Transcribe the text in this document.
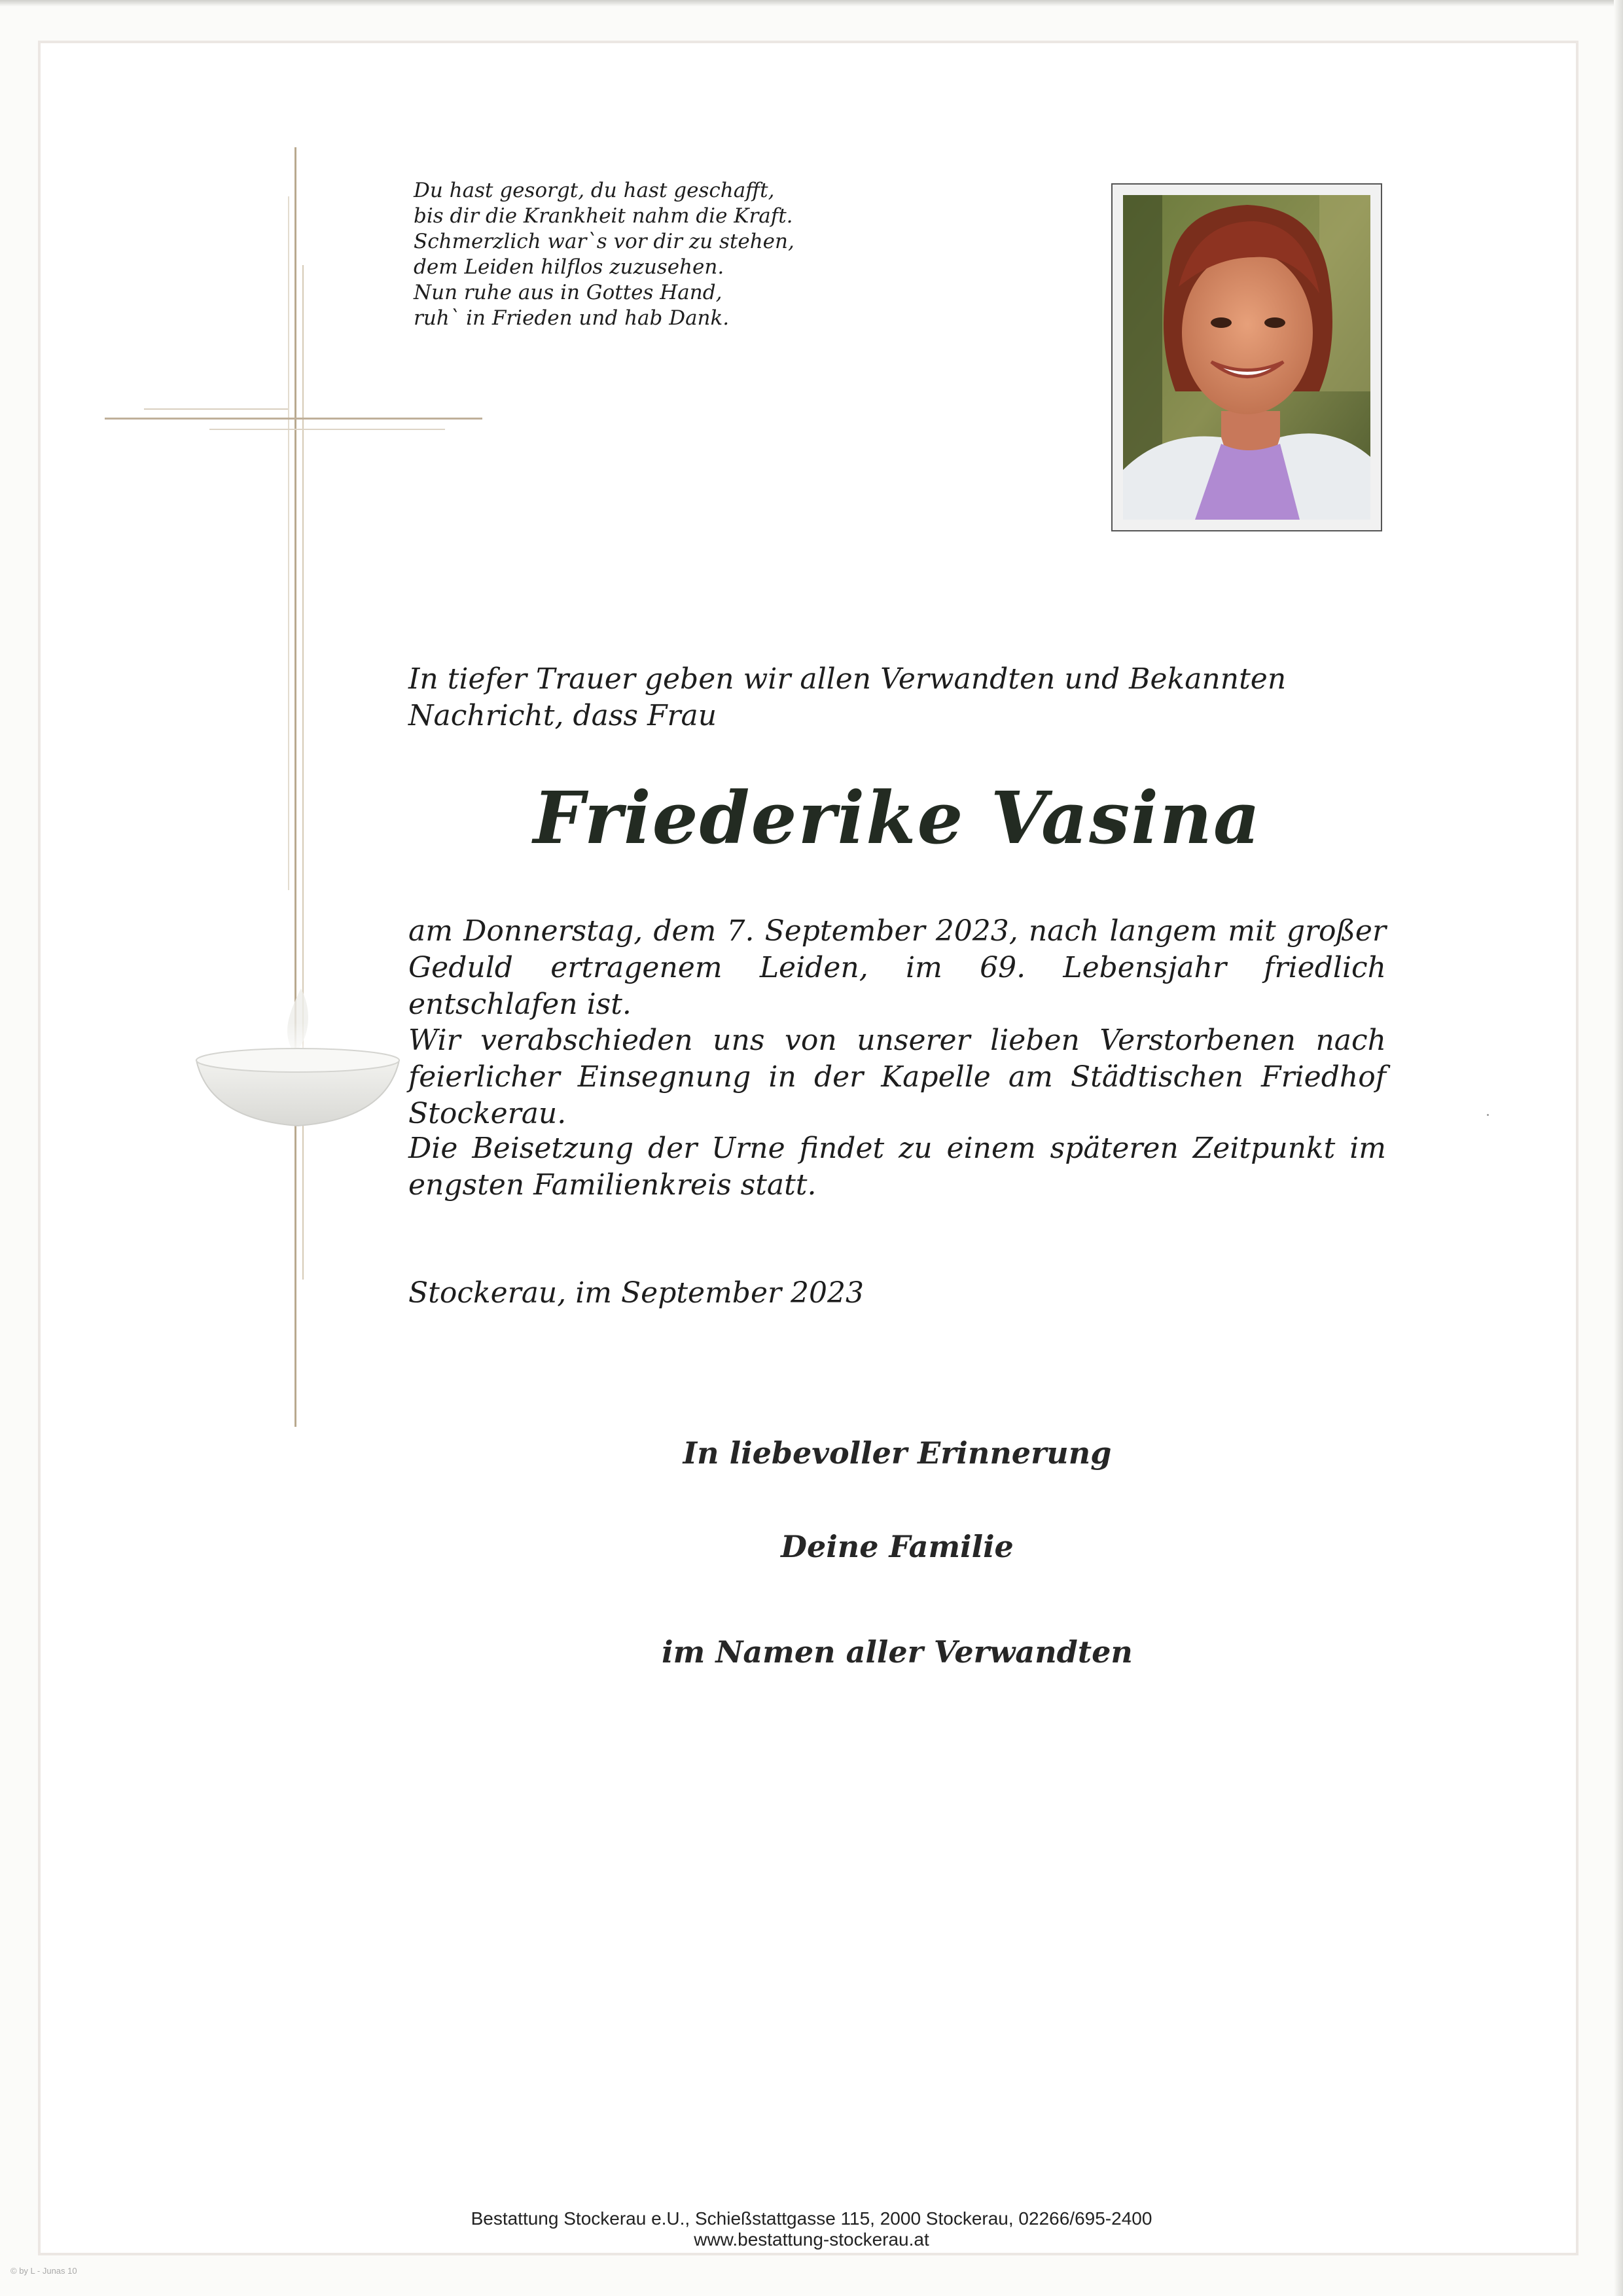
Du hast gesorgt, du hast geschafft,
bis dir die Krankheit nahm die Kraft.
Schmerzlich war`s vor dir zu stehen,
dem Leiden hilflos zuzusehen.
Nun ruhe aus in Gottes Hand,
ruh` in Frieden und hab Dank.
In tiefer Trauer geben wir allen Verwandten und Bekannten Nachricht, dass Frau
Friederike Vasina
am Donnerstag, dem 7. September 2023, nach langem mit großer Geduld ertragenem Leiden, im 69. Lebensjahr friedlich entschlafen ist.
Wir verabschieden uns von unserer lieben Verstorbenen nach feierlicher Einsegnung in der Kapelle am Städtischen Friedhof Stockerau.
Die Beisetzung der Urne findet zu einem späteren Zeitpunkt im engsten Familienkreis statt.
Stockerau, im September 2023
In liebevoller Erinnerung
Deine Familie
im Namen aller Verwandten
Bestattung Stockerau e.U., Schießstattgasse 115, 2000 Stockerau, 02266/695-2400
www.bestattung-stockerau.at
© by L - Junas 10
